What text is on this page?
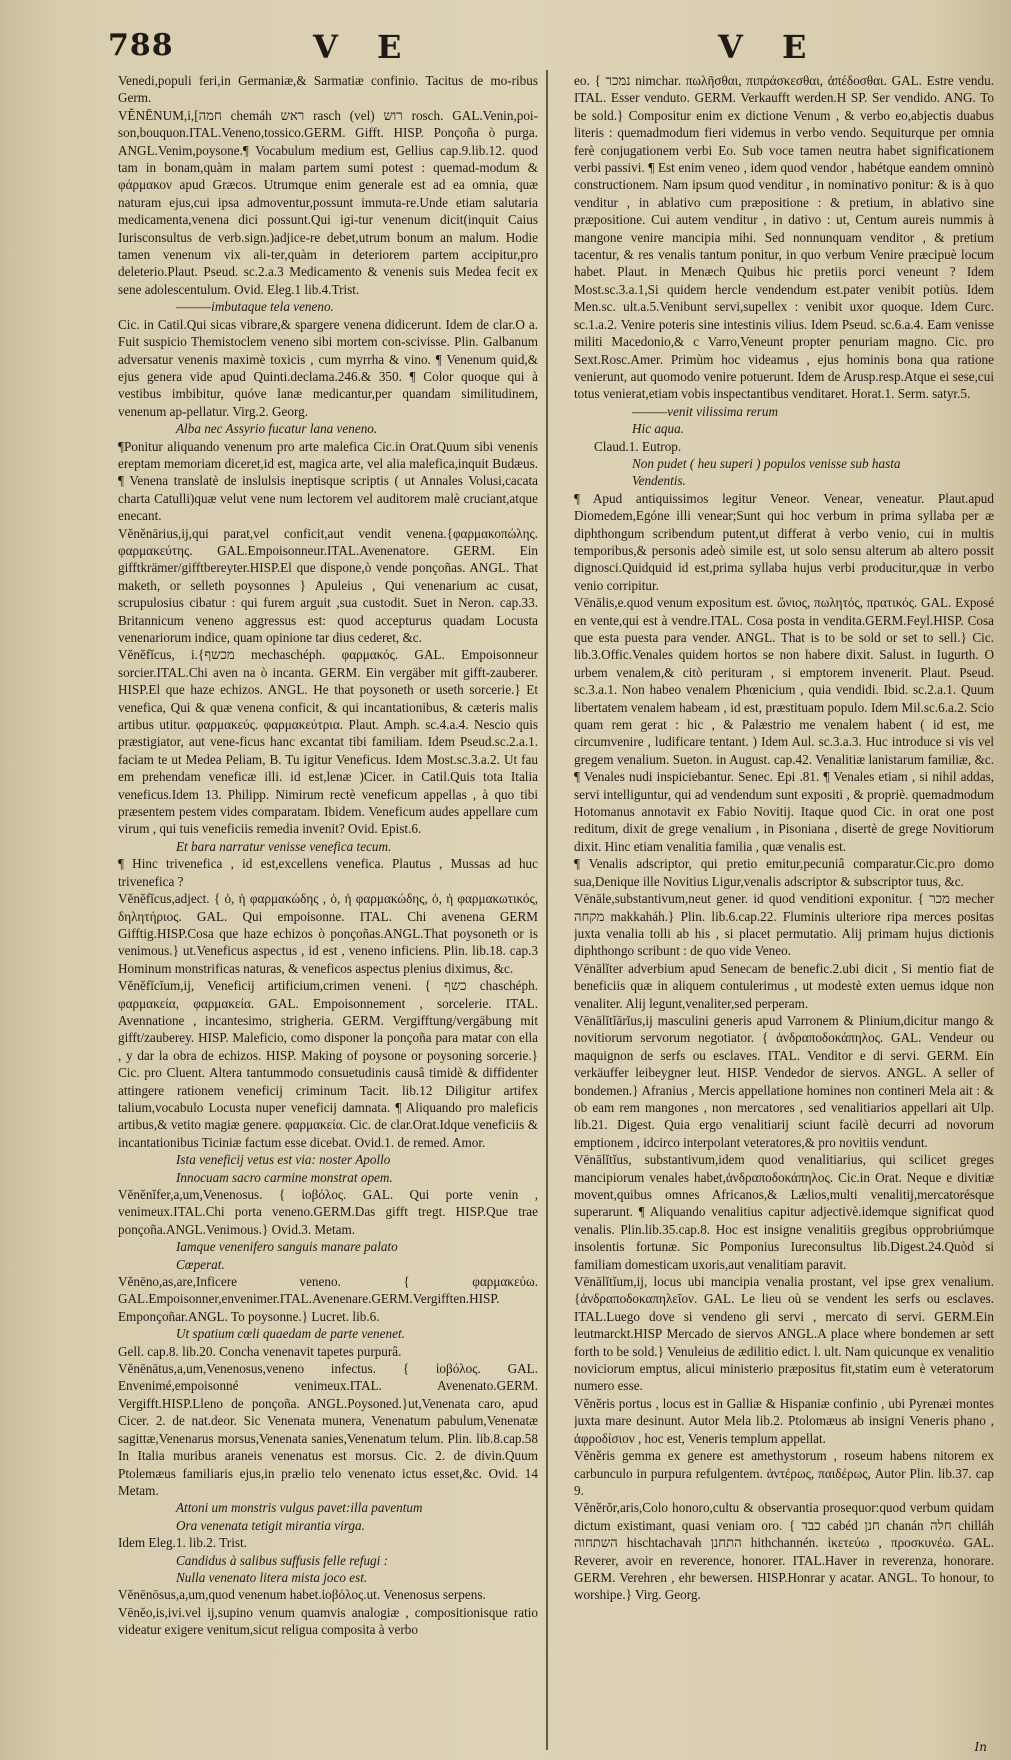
788	V E	V E

Venedi,populi feri,in Germaniæ,& Sarmatiæ confinio. Tacitus de mo-ribus Germ.

VĔNĒNUM,i,[חמה chemáh ראש rasch (vel) רוש rosch. GAL.Venin,poi-son,bouquon.ITAL.Veneno,tossico.GERM. Gifft. HISP. Ponçoña ò purga. ANGL.Venim,poysone.¶ Vocabulum medium est, Gellius cap.9.lib.12. quod tam in bonam,quàm in malam partem sumi potest : quemad-modum & φάρμακον apud Græcos. Utrumque enim generale est ad ea omnia, quæ naturam ejus,cui ipsa admoventur,possunt immuta-re.Unde etiam salutaria medicamenta,venena dici possunt.Qui igi-tur venenum dicit(inquit Caius Iurisconsultus de verb.sign.)adjice-re debet,utrum bonum an malum. Hodie tamen venenum vix ali-ter,quàm in deteriorem partem accipitur,pro deleterio.Plaut. Pseud. sc.2.a.3 Medicamento & venenis suis Medea fecit ex sene adolescentulum. Ovid. Eleg.1 lib.4.Trist.

———imbutaque tela veneno.

Cic. in Catil.Qui sicas vibrare,& spargere venena didicerunt. Idem de clar.O a. Fuit suspicio Themistoclem veneno sibi mortem con-scivisse. Plin. Galbanum adversatur venenis maximè toxicis , cum myrrha & vino. ¶ Venenum quid,& ejus genera vide apud Quinti.declama.246.& 350. ¶ Color quoque qui à vestibus imbibitur, quóve lanæ medicantur,per quandam similitudinem, venenum ap-pellatur. Virg.2. Georg.

Alba nec Assyrio fucatur lana veneno.

¶Ponitur aliquando venenum pro arte malefica Cic.in Orat.Quum sibi venenis ereptam memoriam diceret,id est, magica arte, vel alia malefica,inquit Budæus. ¶ Venena translatè de inslulsis ineptisque scriptis ( ut Annales Volusi,cacata charta Catulli)quæ velut vene num lectorem vel auditorem malè cruciant,atque enecant.

Vĕnĕnārius,ij,qui parat,vel conficit,aut vendit venena.{φαρμακοπώλης. φαρμακεύτης. GAL.Empoisonneur.ITAL.Avenenatore. GERM. Ein gifftkrämer/gifftbereyter.HISP.El que dispone,ò vende ponçoñas. ANGL. That maketh, or selleth poysonnes } Apuleius , Qui venenarium ac cusat, scrupulosius cibatur : qui furem arguit ,sua custodit. Suet in Neron. cap.33. Britannicum veneno aggressus est: quod accepturus quadam Locusta venenariorum indice, quam opinione tar dius cederet, &c.

Vĕnĕfĭcus, i.{מכשף mechaschéph. φαρμακός. GAL. Empoisonneur sorcier.ITAL.Chi aven na ò incanta. GERM. Ein vergäber mit gifft-zauberer. HISP.El que haze echizos. ANGL. He that poysoneth or useth sorcerie.} Et venefica, Qui & quæ venena conficit, & qui incantationibus, & cæteris malis artibus utitur. φαρμακεύς. φαρμακεύτρια. Plaut. Amph. sc.4.a.4. Nescio quis præstigiator, aut vene-ficus hanc excantat tibi familiam. Idem Pseud.sc.2.a.1. faciam te ut Medea Peliam, B. Tu igitur Veneficus. Idem Most.sc.3.a.2. Ut fau em prehendam veneficæ illi. id est,lenæ )Cicer. in Catil.Quis tota Italia veneficus.Idem 13. Philipp. Nimirum rectè veneficum appellas , à quo tibi præsentem pestem vides comparatam. Ibidem. Veneficum audes appellare cum virum , qui tuis veneficiis remedia invenit? Ovid. Epist.6.

Et bara narratur venisse venefica tecum.

¶ Hinc trivenefica , id est,excellens venefica. Plautus , Mussas ad huc trivenefica ?

Vĕnĕfĭcus,adject. { ὁ, ἡ φαρμακώδης , ὁ, ἡ φαρμακώδης, ὁ, ἡ φαρμακωτικός, δηλητήριος. GAL. Qui empoisonne. ITAL. Chi avenena GERM Gifftig.HISP.Cosa que haze echizos ò ponçoñas.ANGL.That poysoneth or is venimous.} ut.Veneficus aspectus , id est , veneno inficiens. Plin. lib.18. cap.3 Hominum monstrificas naturas, & veneficos aspectus plenius diximus, &c.

Vĕnĕfĭcĭum,ij, Veneficij artificium,crimen veneni. { כשף chaschéph. φαρμακεία, φαρμακεία. GAL. Empoisonnement , sorcelerie. ITAL. Avennatione , incantesimo, strigheria. GERM. Vergifftung/vergäbung mit gifft/zauberey. HISP. Maleficio, como disponer la ponçoña para matar con ella , y dar la obra de echizos. HISP. Making of poysone or poysoning sorcerie.} Cic. pro Cluent. Altera tantummodo consuetudinis causâ timidè & diffidenter attingere rationem veneficij criminum Tacit. lib.12 Diligitur artifex talium,vocabulo Locusta nuper veneficij damnata. ¶ Aliquando pro maleficis artibus,& vetito magiæ genere. φαρμακεία. Cic. de clar.Orat.Idque veneficiis & incantationibus Ticiniæ factum esse dicebat. Ovid.1. de remed. Amor.

Ista veneficij vetus est via: noster Apollo

Innocuam sacro carmine monstrat opem.

Vĕnĕnĭfer,a,um,Venenosus. { ἰοβόλος. GAL. Qui porte venin , venimeux.ITAL.Chi porta veneno.GERM.Das gifft tregt. HISP.Que trae ponçoña.ANGL.Venimous.} Ovid.3. Metam.

Iamque venenifero sanguis manare palato

Cœperat.

Vĕnēno,as,are,Inficere veneno. { φαρμακεύω. GAL.Empoisonner,envenimer.ITAL.Avenenare.GERM.Vergifften.HISP. Emponçoñar.ANGL. To poysonne.} Lucret. lib.6.

Ut spatium cœli quaedam de parte venenet.

Gell. cap.8. lib.20. Concha venenavit tapetes purpurâ.

Vĕnēnātus,a,um,Venenosus,veneno infectus. { ἰοβόλος. GAL. Envenimé,empoisonné venimeux.ITAL. Avenenato.GERM. Vergifft.HISP.Lleno de ponçoña. ANGL.Poysoned.}ut,Venenata caro, apud Cicer. 2. de nat.deor. Sic Venenata munera, Venenatum pabulum,Venenatæ sagittæ,Venenarus morsus,Venenata sanies,Venenatum telum. Plin. lib.8.cap.58 In Italia muribus araneis venenatus est morsus. Cic. 2. de divin.Quum Ptolemæus familiaris ejus,in prælio telo venenato ictus esset,&c. Ovid. 14 Metam.

Attoni um monstris vulgus pavet:illa paventum

Ora venenata tetigit mirantia virga.

Idem Eleg.1. lib.2. Trist.

Candidus à salibus suffusis felle refugi :

Nulla venenato litera mista joco est.

Vĕnēnōsus,a,um,quod venenum habet.ἰοβόλος.ut. Venenosus serpens.

Vēnĕo,is,ivi.vel ij,supino venum quamvis analogiæ , compositionisque ratio videatur exigere venitum,sicut religua composita à verbo

eo. { נמכר nimchar. πωλῆσθαι, πιπράσκεσθαι, ἀπέδοσθαι. GAL. Estre vendu. ITAL. Esser venduto. GERM. Verkaufft werden.H SP. Ser vendido. ANG. To be sold.} Compositur enim ex dictione Venum , & verbo eo,abjectis duabus literis : quemadmodum fieri videmus in verbo vendo. Sequiturque per omnia ferè conjugationem verbi Eo. Sub voce tamen neutra habet significationem verbi passivi. ¶ Est enim veneo , idem quod vendor , habétque eandem omninò constructionem. Nam ipsum quod venditur , in nominativo ponitur: & is à quo venditur , in ablativo cum præpositione : & pretium, in ablativo sine præpositione. Cui autem venditur , in dativo : ut, Centum aureis nummis à mangone venire mancipia mihi. Sed nonnunquam venditor , & pretium tacentur, & res venalis tantum ponitur, in quo verbum Venire præcipuè locum habet. Plaut. in Menæch Quibus hic pretiis porci veneunt ? Idem Most.sc.3.a.1,Si quidem hercle vendendum est.pater venibit potiùs. Idem Men.sc. ult.a.5.Venibunt servi,supellex : venibit uxor quoque. Idem Curc. sc.1.a.2. Venire poteris sine intestinis vilius. Idem Pseud. sc.6.a.4. Eam venisse militi Macedonio,& c Varro,Veneunt propter penuriam magno. Cic. pro Sext.Rosc.Amer. Primùm hoc videamus , ejus hominis bona qua ratione venierunt, aut quomodo venire potuerunt. Idem de Arusp.resp.Atque ei sese,cui totus venierat,etiam vobis inspectantibus venditaret. Horat.1. Serm. satyr.5.

———venit vilissima rerum

Hic aqua.

Claud.1. Eutrop.

Non pudet ( heu superi ) populos venisse sub hasta

Vendentis.

¶ Apud antiquissimos legitur Veneor. Venear, veneatur. Plaut.apud Diomedem,Egóne illi venear;Sunt qui hoc verbum in prima syllaba per æ diphthongum scribendum putent,ut differat à verbo venio, cui in multis temporibus,& personis adeò simile est, ut solo sensu alterum ab altero possit dignosci.Quidquid id est,prima syllaba hujus verbi producitur,quæ in verbo venio corripitur.

Vēnālis,e.quod venum expositum est. ὤνιος, πωλητός, πρατικός. GAL. Exposé en vente,qui est à vendre.ITAL. Cosa posta in vendita.GERM.Feyl.HISP. Cosa que esta puesta para vender. ANGL. That is to be sold or set to sell.} Cic. lib.3.Offic.Venales quidem hortos se non habere dixit. Salust. in Iugurth. O urbem venalem,& citò perituram , si emptorem invenerit. Plaut. Pseud. sc.3.a.1. Non habeo venalem Phœnicium , quia vendidi. Ibid. sc.2.a.1. Quum libertatem venalem habeam , id est, præstituam populo. Idem Mil.sc.6.a.2. Scio quam rem gerat : hic , & Palæstrio me venalem habent ( id est, me circumvenire , ludificare tentant. ) Idem Aul. sc.3.a.3. Huc introduce si vis vel gregem venalium. Sueton. in August. cap.42. Venalitiæ lanistarum familiæ, &c. ¶ Venales nudi inspiciebantur. Senec. Epi .81. ¶ Venales etiam , si nihil addas, servi intelliguntur, qui ad vendendum sunt expositi , & propriè. quemadmodum Hotomanus annotavit ex Fabio Novitij. Itaque quod Cic. in orat one post reditum, dixit de grege venalium , in Pisoniana , disertè de grege Novitiorum dixit. Hinc etiam venalitia familia , quæ venalis est.

¶ Venalis adscriptor, qui pretio emitur,pecuniâ comparatur.Cic.pro domo sua,Denique ille Novitius Ligur,venalis adscriptor & subscriptor tuus, &c.

Vēnāle,substantivum,neut gener. id quod venditioni exponitur. { מכר mecher מקחה makkaháh.} Plin. lib.6.cap.22. Fluminis ulteriore ripa merces positas juxta venalia tolli ab his , si placet permutatio. Alij primam hujus dictionis diphthongo scribunt : de quo vide Veneo.

Vēnālĭter adverbium apud Senecam de benefic.2.ubi dicit , Si mentio fiat de beneficiis quæ in aliquem contulerimus , ut modestè exten uemus idque non venaliter. Alij legunt,venaliter,sed perperam.

Vēnālĭtĭārĭus,ij masculini generis apud Varronem & Plinium,dicitur mango & novitiorum servorum negotiator. { ἀνδραποδοκάπηλος. GAL. Vendeur ou maquignon de serfs ou esclaves. ITAL. Venditor e di servi. GERM. Ein verkäuffer leibeygner leut. HISP. Vendedor de siervos. ANGL. A seller of bondemen.} Afranius , Mercis appellatione homines non contineri Mela ait : & ob eam rem mangones , non mercatores , sed venalitiarios appellari ait Ulp. lib.21. Digest. Quia ergo venalitiarij sciunt facilè decurri ad novorum emptionem , idcirco interpolant veteratores,& pro novitiis vendunt.

Vēnālĭtĭus, substantivum,idem quod venalitiarius, qui scilicet greges mancipiorum venales habet,ἀνδραποδοκάπηλος. Cic.in Orat. Neque e divitiæ movent,quibus omnes Africanos,& Lælios,multi venalitij,mercatorésque superarunt. ¶ Aliquando venalitius capitur adjectivè.idemque significat quod venalis. Plin.lib.35.cap.8. Hoc est insigne venalitiis gregibus opprobriúmque insolentis fortunæ. Sic Pomponius Iureconsultus lib.Digest.24.Quòd si familiam domesticam uxoris,aut venalitiam paravit.

Vēnālĭtĭum,ij, locus ubi mancipia venalia prostant, vel ipse grex venalium.{ἀνδραποδοκαπηλεῖον. GAL. Le lieu où se vendent les serfs ou esclaves. ITAL.Luego dove si vendeno gli servi , mercato di servi. GERM.Ein leutmarckt.HISP Mercado de siervos ANGL.A place where bondemen ar sett forth to be sold.} Venuleius de ædilitio edict. l. ult. Nam quicunque ex venalitio noviciorum emptus, alicui ministerio præpositus fit,statim eum è veteratorum numero esse.

Vĕnĕris portus , locus est in Galliæ & Hispaniæ confinio , ubi Pyrenæi montes juxta mare desinunt. Autor Mela lib.2. Ptolomæus ab insigni Veneris phano , ἀφροδίσιον , hoc est, Veneris templum appellat.

Vĕnĕris gemma ex genere est amethystorum , roseum habens nitorem ex carbunculo in purpura refulgentem. ἀντέρως, παιδέρως, Autor Plin. lib.37. cap 9.

Vĕnĕrŏr,aris,Colo honoro,cultu & observantia prosequor:quod verbum quidam dictum existimant, quasi veniam oro. { כבד cabéd חנן chanán חלה chilláh השתחוה hischtachavah התחנן hithchannén. ἱκετεύω , προσκυνέω. GAL. Reverer, avoir en reverence, honorer. ITAL.Haver in reverenza, honorare. GERM. Verehren , ehr bewersen. HISP.Honrar y acatar. ANGL. To honour, to worshipe.} Virg. Georg.

In
